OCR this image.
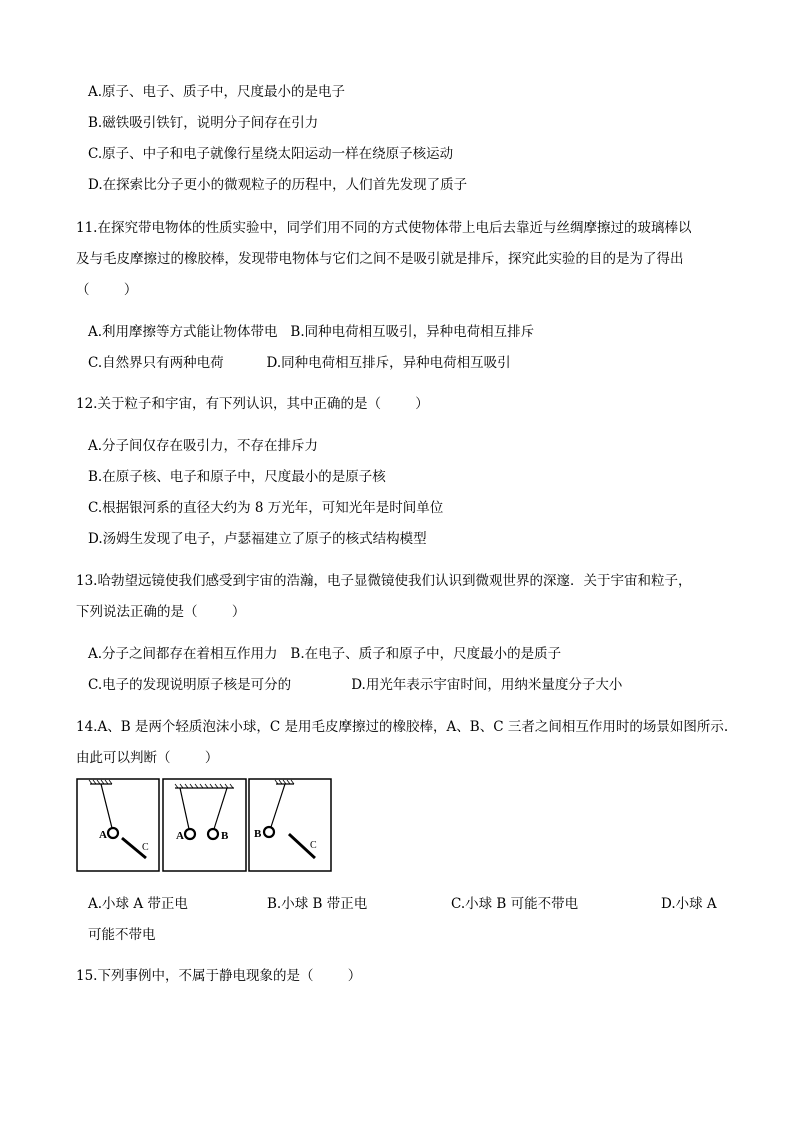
A.原子、电子、质子中，尺度最小的是电子
B.磁铁吸引铁钉，说明分子间存在引力
C.原子、中子和电子就像行星绕太阳运动一样在绕原子核运动
D.在探索比分子更小的微观粒子的历程中，人们首先发现了质子
11.在探究带电物体的性质实验中，同学们用不同的方式使物体带上电后去靠近与丝绸摩擦过的玻璃棒以
及与毛皮摩擦过的橡胶棒，发现带电物体与它们之间不是吸引就是排斥，探究此实验的目的是为了得出
（        ）
A.利用摩擦等方式能让物体带电   B.同种电荷相互吸引，异种电荷相互排斥
C.自然界只有两种电荷          D.同种电荷相互排斥，异种电荷相互吸引
12.关于粒子和宇宙，有下列认识，其中正确的是（        ）
A.分子间仅存在吸引力，不存在排斥力
B.在原子核、电子和原子中，尺度最小的是原子核
C.根据银河系的直径大约为 8 万光年，可知光年是时间单位
D.汤姆生发现了电子，卢瑟福建立了原子的核式结构模型
13.哈勃望远镜使我们感受到宇宙的浩瀚，电子显微镜使我们认识到微观世界的深邃．关于宇宙和粒子，
下列说法正确的是（        ）
A.分子之间都存在着相互作用力   B.在电子、质子和原子中，尺度最小的是质子
C.电子的发现说明原子核是可分的              D.用光年表示宇宙时间，用纳米量度分子大小
14.A、B 是两个轻质泡沫小球，C 是用毛皮摩擦过的橡胶棒，A、B、C 三者之间相互作用时的场景如图所示.
由此可以判断（        ）
A
C
A	B B
C
A.小球 A 带正电	B.小球 B 带正电	C.小球 B 可能不带电	D.小球 A
可能不带电
15.下列事例中，不属于静电现象的是（        ）
